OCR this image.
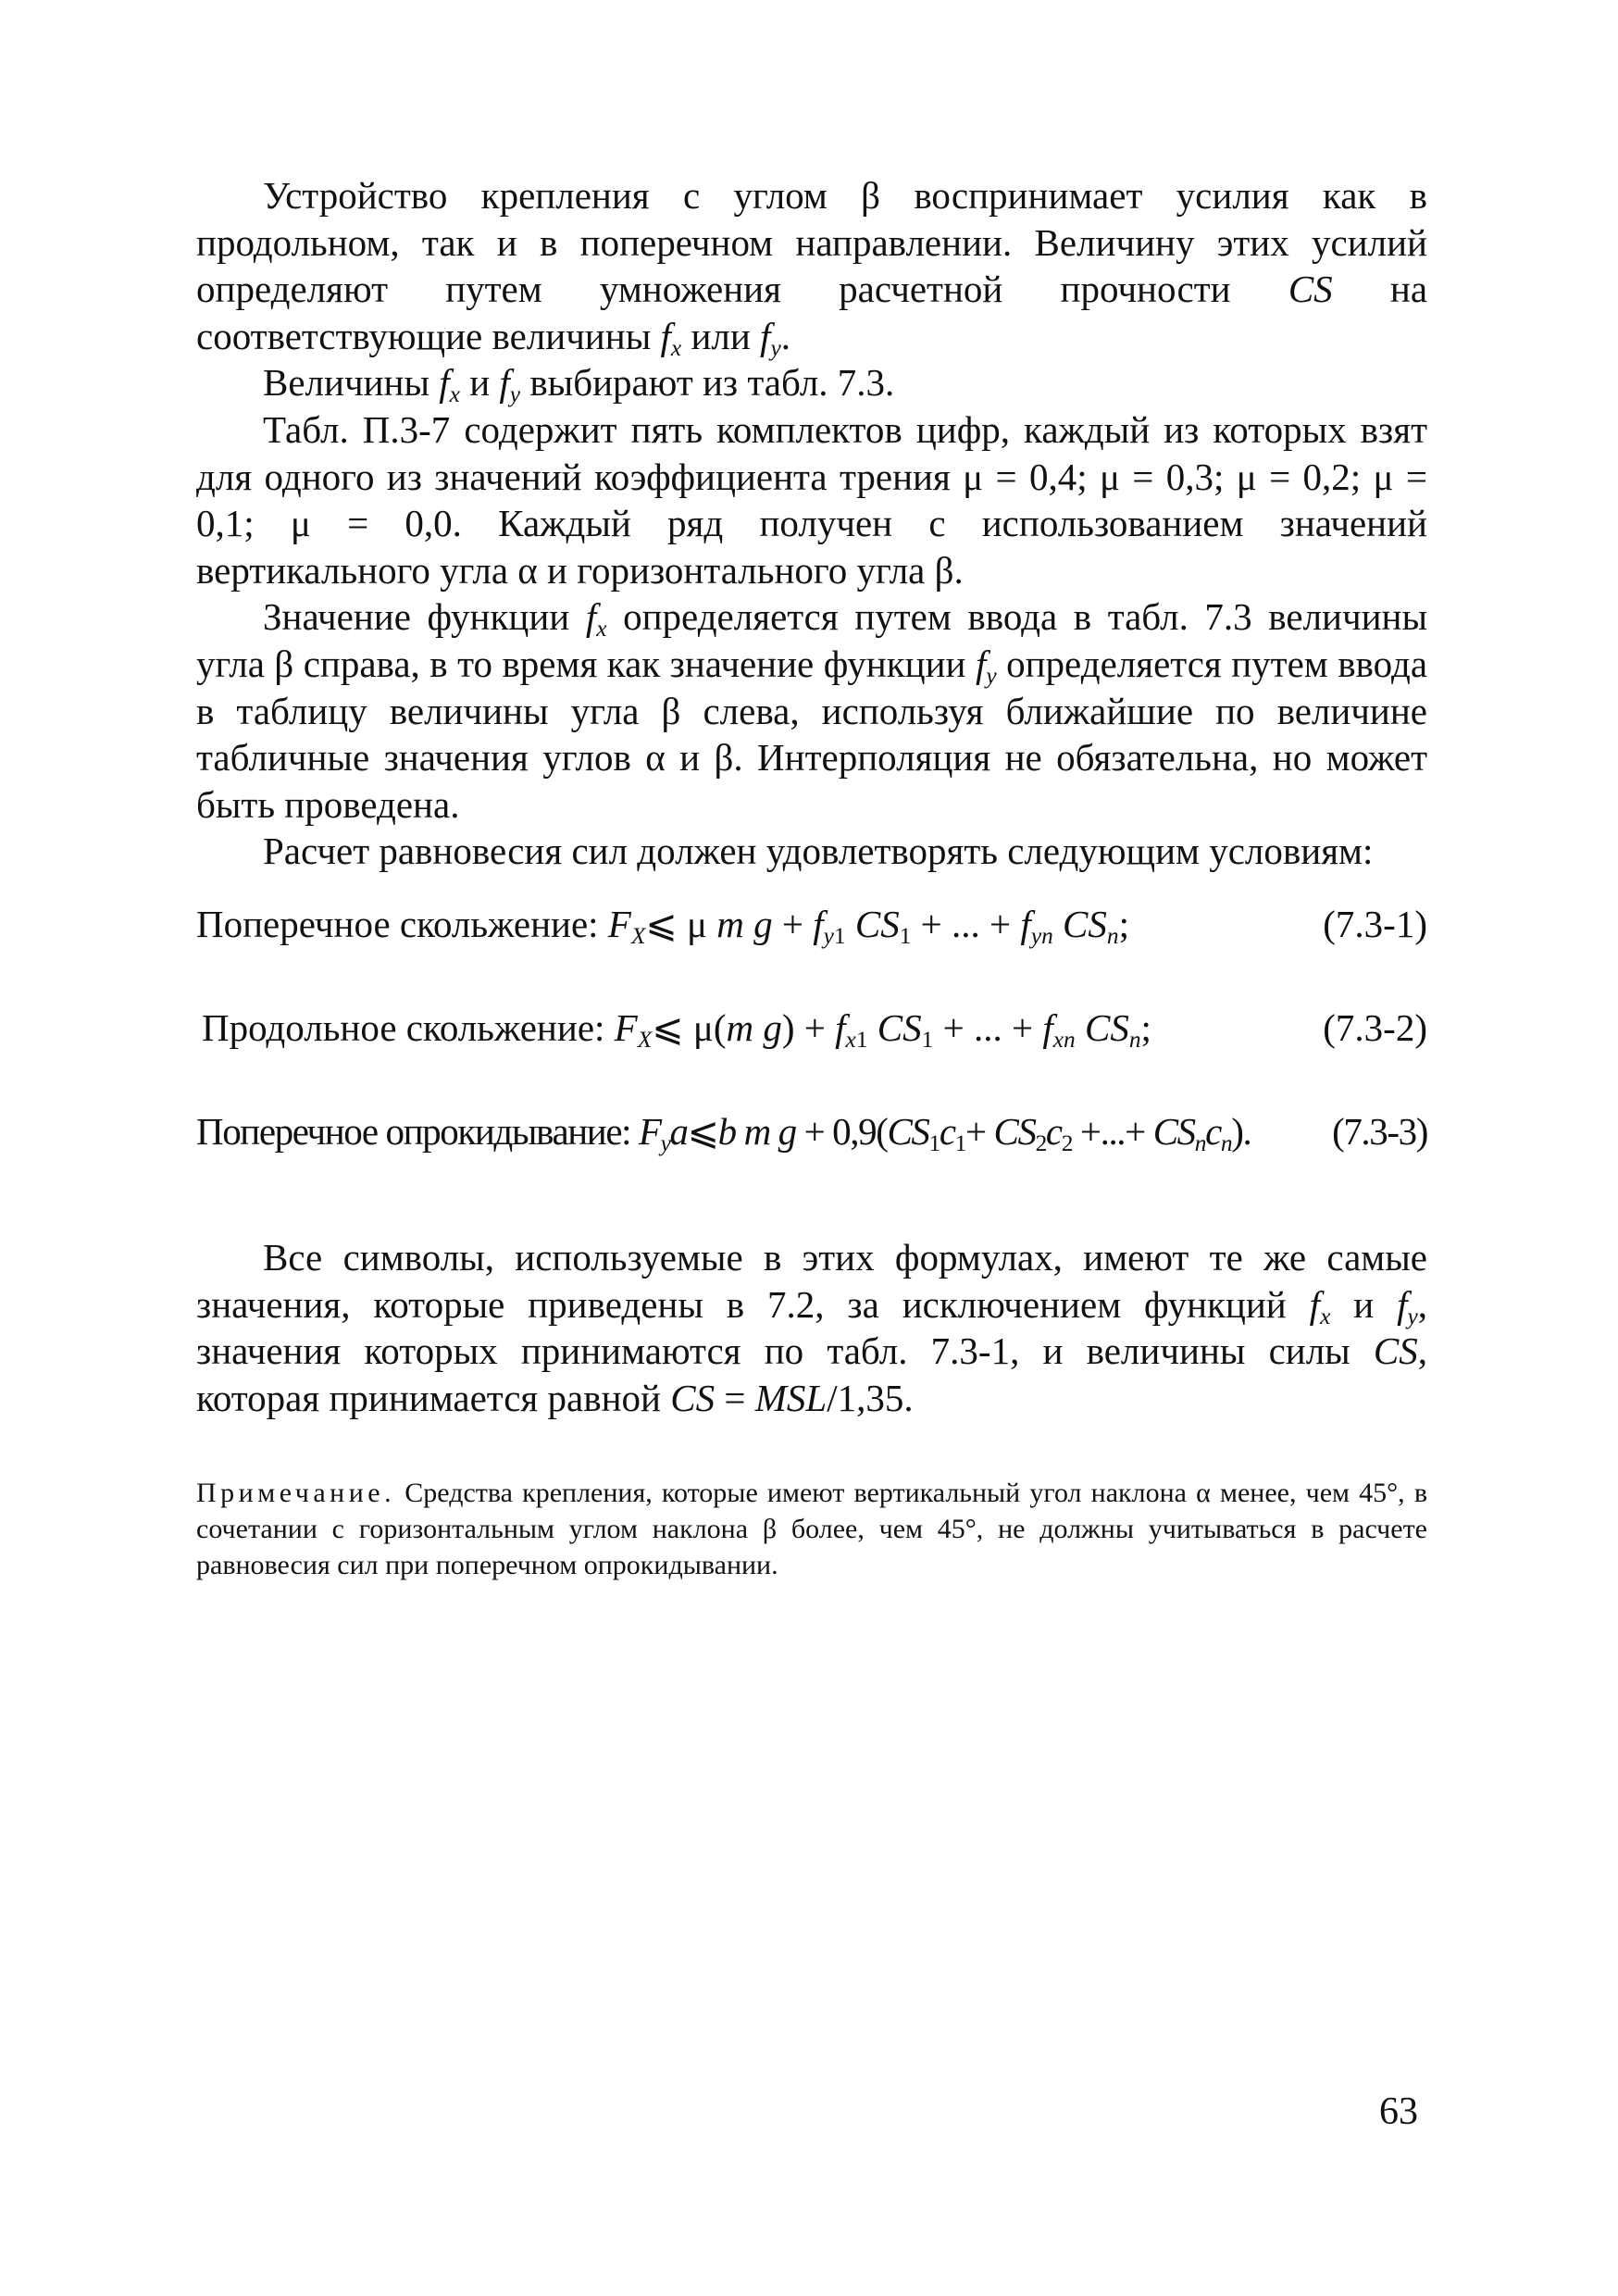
Устройство крепления с углом β воспринимает усилия как в продольном, так и в поперечном направлении. Величину этих усилий определяют путем умножения расчетной прочности CS на соответствующие величины $f_x$ или $f_y$.

Величины $f_x$ и $f_y$ выбирают из табл. 7.3.

Табл. П.3-7 содержит пять комплектов цифр, каждый из которых взят для одного из значений коэффициента трения μ = 0,4; μ = 0,3; μ = 0,2; μ = 0,1; μ = 0,0. Каждый ряд получен с использованием значений вертикального угла α и горизонтального угла β.

Значение функции $f_x$ определяется путем ввода в табл. 7.3 величины угла β справа, в то время как значение функции $f_y$ определяется путем ввода в таблицу величины угла β слева, используя ближайшие по величине табличные значения углов α и β. Интерполяция не обязательна, но может быть проведена.

Расчет равновесия сил должен удовлетворять следующим условиям:

Поперечное скольжение: $F_X⩽$ μ m $g + f_{y1}$ $CS_1$ + ... + $f_{yn}$ $CS_n$;	(7.3-1)
Продольное скольжение: $F_X⩽$ μ(m $g) + f_{x1}$ $CS_1$ + ... + $f_{xn}$ $CS_n$;	(7.3-2)
Поперечное опрокидывание: $F_ya⩽b$ m $g + 0,9(CS_1c_1+ CS_2c_2$ +...+ $CS_nc_n$). (7.3-3)

Все символы, используемые в этих формулах, имеют те же самые значения, которые приведены в 7.2, за исключением функций $f_x$ и $f_y$, значения которых принимаются по табл. 7.3-1, и величины силы CS, которая принимается равной CS = MSL/1,35.

Примечание. Средства крепления, которые имеют вертикальный угол наклона α менее, чем 45°, в сочетании с горизонтальным углом наклона β более, чем 45°, не должны учитываться в расчете равновесия сил при поперечном опрокидывании.

63
